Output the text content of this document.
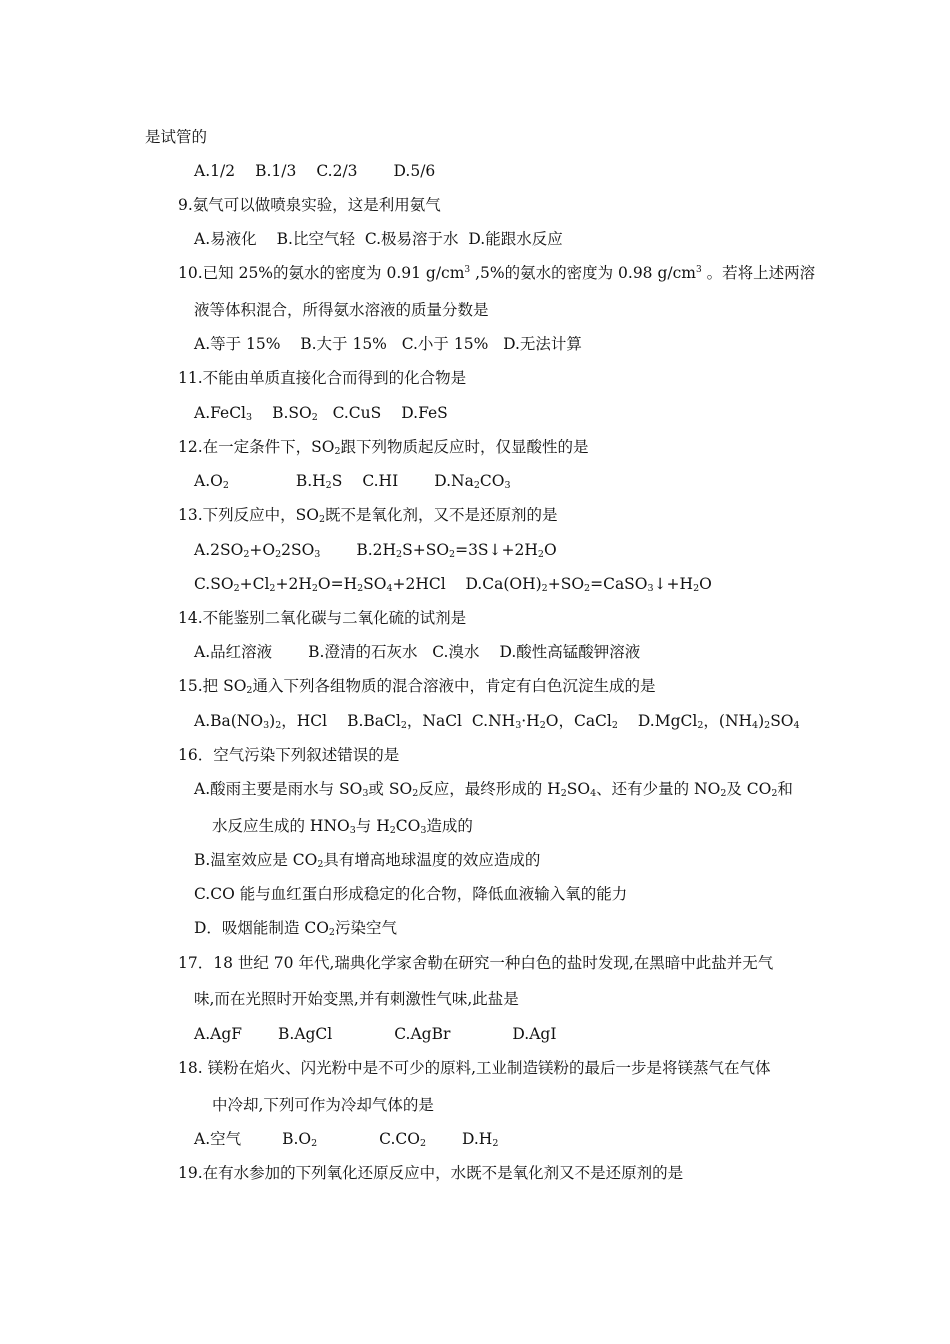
是试管的
A.1/2 B.1/3 C.2/3 D.5/6
9.氨气可以做喷泉实验，这是利用氨气
A.易液化 B.比空气轻 C.极易溶于水 D.能跟水反应
10.已知 25%的氨水的密度为 0.91 $g/cm^3$ ,5%的氨水的密度为 0.98 $g/cm^3$ 。若将上述两溶
液等体积混合，所得氨水溶液的质量分数是
A.等于 15% B.大于 15% C.小于 15% D.无法计算
11.不能由单质直接化合而得到的化合物是
A.FeCl$_3$ $B.SO_2$ C.CuS D.FeS
12.在一定条件下，$SO_2$跟下列物质起反应时，仅显酸性的是
$A.O_2$	$B.H_2S$ C.HI $D.Na_2CO_3$
13.下列反应中，$SO_2$既不是氧化剂，又不是还原剂的是
$A.2SO_2+O_22SO_3$ $B.2H_2S+SO_2=3S↓+2H_2O$
$C.SO_2+Cl_2+2H_2O=H_2SO_4+2HCl$ $D.Ca(OH)_2+SO_2=CaSO_3↓+H_2O$
14.不能鉴别二氧化碳与二氧化硫的试剂是
A.品红溶液 B.澄清的石灰水 C.溴水 D.酸性高锰酸钾溶液
15.把 $SO_2$通入下列各组物质的混合溶液中，肯定有白色沉淀生成的是
$A.Ba(NO_3)_2$，HCl B.BaCl$_2$，NaCl $C.NH_3\cdot H_2O$，CaCl$_2$ D.MgCl$_2$，$(NH_4)_2SO_4$
16．空气污染下列叙述错误的是
A.酸雨主要是雨水与 $SO_3$或 $SO_2$反应，最终形成的 $H_2SO_4$、还有少量的 $NO_2$及 $CO_2$和
水反应生成的 $HNO_3$与 $H_2CO_3$造成的
B.温室效应是 $CO_2$具有增高地球温度的效应造成的
C.CO 能与血红蛋白形成稳定的化合物，降低血液输入氧的能力
D．吸烟能制造 $CO_2$污染空气
17．18 世纪 70 年代,瑞典化学家舍勒在研究一种白色的盐时发现,在黑暗中此盐并无气
味,而在光照时开始变黑,并有刺激性气味,此盐是
A.AgF B.AgCl	C.AgBr	D.AgI
18. 镁粉在焰火、闪光粉中是不可少的原料,工业制造镁粉的最后一步是将镁蒸气在气体
中冷却,下列可作为冷却气体的是
A.空气	$B.O_2$	$C.CO_2$ $D.H_2$
19.在有水参加的下列氧化还原反应中，水既不是氧化剂又不是还原剂的是
